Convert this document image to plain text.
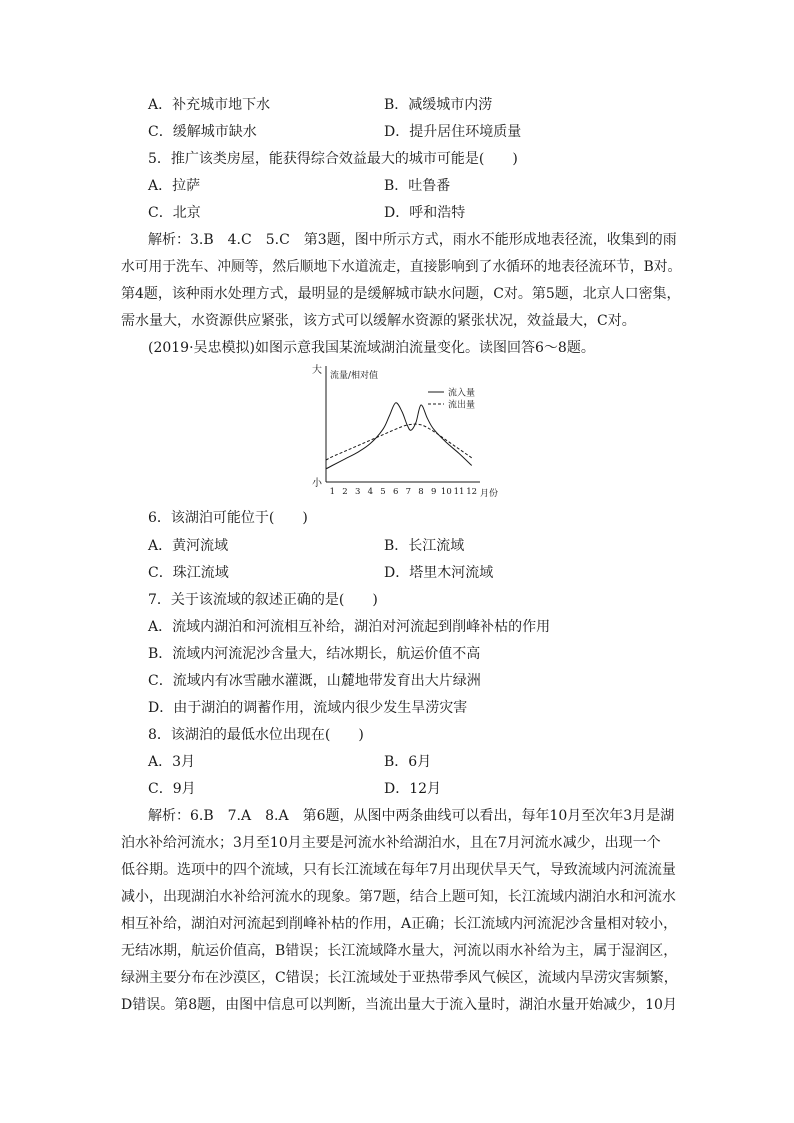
A．补充城市地下水	B．减缓城市内涝
C．缓解城市缺水	D．提升居住环境质量
5．推广该类房屋，能获得综合效益最大的城市可能是(　　)
A．拉萨	B．吐鲁番
C．北京	D．呼和浩特
解析：3.B　4.C　5.C　第3题，图中所示方式，雨水不能形成地表径流，收集到的雨
水可用于洗车、冲厕等，然后顺地下水道流走，直接影响到了水循环的地表径流环节，B对。
第4题，该种雨水处理方式，最明显的是缓解城市缺水问题，C对。第5题，北京人口密集，
需水量大，水资源供应紧张，该方式可以缓解水资源的紧张状况，效益最大，C对。
(2019·吴忠模拟)如图示意我国某流域湖泊流量变化。读图回答6～8题。
大
小
流量/相对值
月份
1 2 3 4 5 6 7 8 9 10 11 12
流入量
流出量
6．该湖泊可能位于(　　)
A．黄河流域	B．长江流域
C．珠江流域	D．塔里木河流域
7．关于该流域的叙述正确的是(　　)
A．流域内湖泊和河流相互补给，湖泊对河流起到削峰补枯的作用
B．流域内河流泥沙含量大，结冰期长，航运价值不高
C．流域内有冰雪融水灌溉，山麓地带发育出大片绿洲
D．由于湖泊的调蓄作用，流域内很少发生旱涝灾害
8．该湖泊的最低水位出现在(　　)
A．3月	B．6月
C．9月	D．12月
解析：6.B　7.A　8.A　第6题，从图中两条曲线可以看出，每年10月至次年3月是湖
泊水补给河流水；3月至10月主要是河流水补给湖泊水，且在7月河流水减少，出现一个
低谷期。选项中的四个流域，只有长江流域在每年7月出现伏旱天气，导致流域内河流流量
减小，出现湖泊水补给河流水的现象。第7题，结合上题可知，长江流域内湖泊水和河流水
相互补给，湖泊对河流起到削峰补枯的作用，A正确；长江流域内河流泥沙含量相对较小，
无结冰期，航运价值高，B错误；长江流域降水量大，河流以雨水补给为主，属于湿润区，
绿洲主要分布在沙漠区，C错误；长江流域处于亚热带季风气候区，流域内旱涝灾害频繁，
D错误。第8题，由图中信息可以判断，当流出量大于流入量时，湖泊水量开始减少，10月
